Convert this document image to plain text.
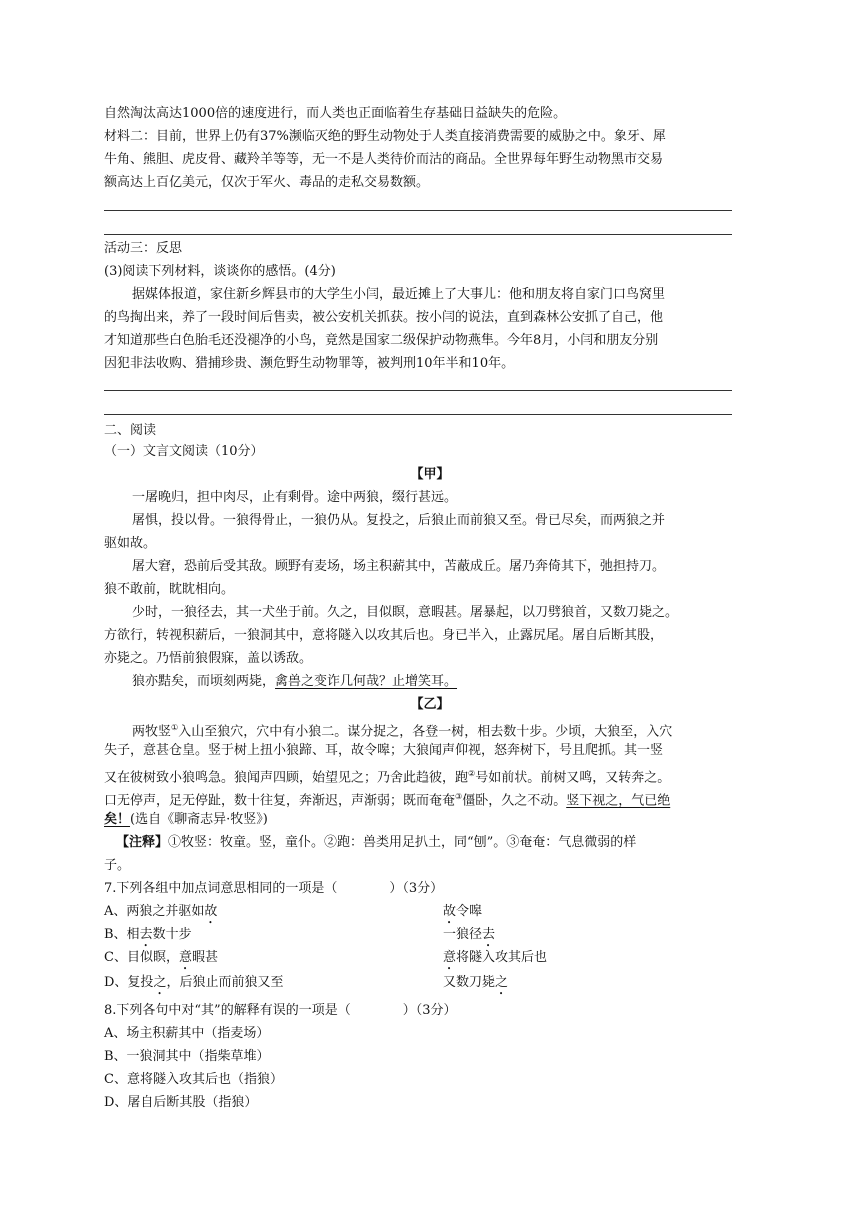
自然淘汰高达1000倍的速度进行，而人类也正面临着生存基础日益缺失的危险。
材料二：目前，世界上仍有37%濒临灭绝的野生动物处于人类直接消费需要的威胁之中。象牙、犀
牛角、熊胆、虎皮骨、藏羚羊等等，无一不是人类待价而沽的商品。全世界每年野生动物黑市交易
额高达上百亿美元，仅次于军火、毒品的走私交易数额。
活动三：反思
(3)阅读下列材料，谈谈你的感悟。(4分)
据媒体报道，家住新乡辉县市的大学生小闫，最近摊上了大事儿：他和朋友将自家门口鸟窝里
的鸟掏出来，养了一段时间后售卖，被公安机关抓获。按小闫的说法，直到森林公安抓了自己，他
才知道那些白色胎毛还没褪净的小鸟，竟然是国家二级保护动物燕隼。今年8月，小闫和朋友分别
因犯非法收购、猎捕珍贵、濒危野生动物罪等，被判刑10年半和10年。
二、阅读
（一）文言文阅读（10分）
【甲】
一屠晚归，担中肉尽，止有剩骨。途中两狼，缀行甚远。
屠惧，投以骨。一狼得骨止，一狼仍从。复投之，后狼止而前狼又至。骨已尽矣，而两狼之并
驱如故。
屠大窘，恐前后受其敌。顾野有麦场，场主积薪其中，苫蔽成丘。屠乃奔倚其下，弛担持刀。
狼不敢前，眈眈相向。
少时，一狼径去，其一犬坐于前。久之，目似瞑，意暇甚。屠暴起，以刀劈狼首，又数刀毙之。
方欲行，转视积薪后，一狼洞其中，意将隧入以攻其后也。身已半入，止露尻尾。屠自后断其股，
亦毙之。乃悟前狼假寐，盖以诱敌。
狼亦黠矣，而顷刻两毙，禽兽之变诈几何哉？止增笑耳。
【乙】
两牧竖①入山至狼穴，穴中有小狼二。谋分捉之，各登一树，相去数十步。少顷，大狼至，入穴
失子，意甚仓皇。竖于树上扭小狼蹄、耳，故令嗥；大狼闻声仰视，怒奔树下，号且爬抓。其一竖
又在彼树致小狼鸣急。狼闻声四顾，始望见之；乃舍此趋彼，跑②号如前状。前树又鸣，又转奔之。
口无停声，足无停趾，数十往复，奔渐迟，声渐弱；既而奄奄③僵卧，久之不动。竖下视之，气已绝
矣！(选自《聊斋志异·牧竖》)
【注释】①牧竖：牧童。竖，童仆。②跑：兽类用足扒土，同“刨”。③奄奄：气息微弱的样
子。
7.下列各组中加点词意思相同的一项是（　　　　）（3分）
A、两狼之并驱如故	故令嗥
B、相去数十步	一狼径去
C、目似瞑，意暇甚	意将隧入攻其后也
D、复投之，后狼止而前狼又至	又数刀毙之
8.下列各句中对“其”的解释有误的一项是（　　　　）（3分）
A、场主积薪其中（指麦场）
B、一狼洞其中（指柴草堆）
C、意将隧入攻其后也（指狼）
D、屠自后断其股（指狼）
